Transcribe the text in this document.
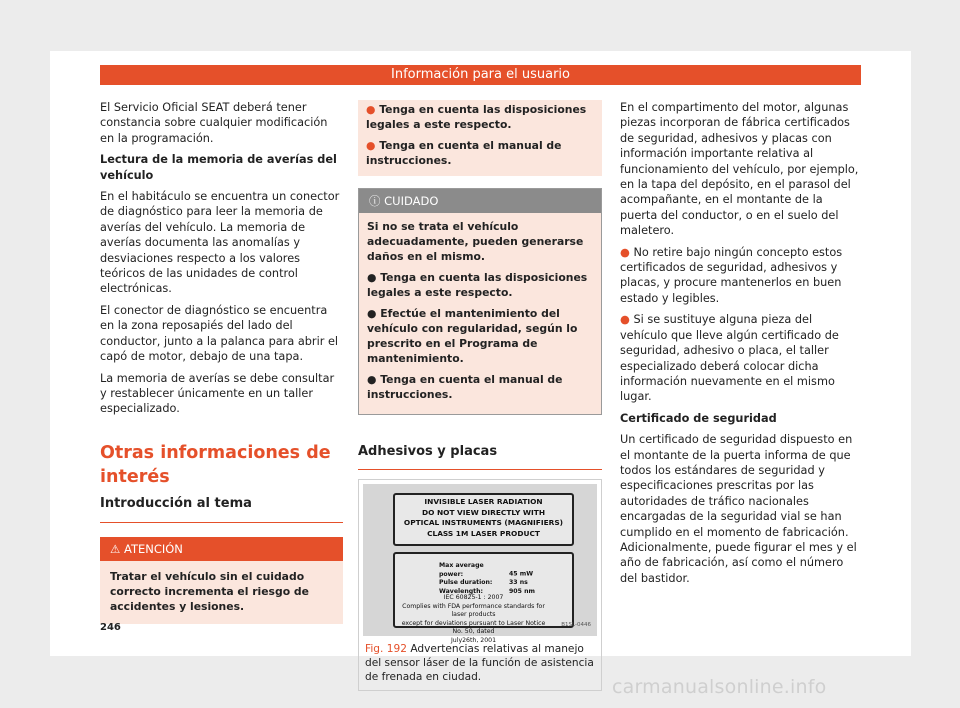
Información para el usuario

El Servicio Oficial SEAT deberá tener constancia sobre cualquier modificación en la programación.

Lectura de la memoria de averías del vehículo

En el habitáculo se encuentra un conector de diagnóstico para leer la memoria de averías del vehículo. La memoria de averías documenta las anomalías y desviaciones respecto a los valores teóricos de las unidades de control electrónicas.

El conector de diagnóstico se encuentra en la zona reposapiés del lado del conductor, junto a la palanca para abrir el capó de motor, debajo de una tapa.

La memoria de averías se debe consultar y restablecer únicamente en un taller especializado.

Otras informaciones de interés
Introducción al tema
⚠ ATENCIÓN
Tratar el vehículo sin el cuidado correcto incrementa el riesgo de accidentes y lesiones.

● Tenga en cuenta las disposiciones legales a este respecto.

● Tenga en cuenta el manual de instrucciones.

ⓘ CUIDADO

Si no se trata el vehículo adecuadamente, pueden generarse daños en el mismo.

● Tenga en cuenta las disposiciones legales a este respecto.

● Efectúe el mantenimiento del vehículo con regularidad, según lo prescrito en el Programa de mantenimiento.

● Tenga en cuenta el manual de instrucciones.

Adhesivos y placas
INVISIBLE LASER RADIATION
DO NOT VIEW DIRECTLY WITH
OPTICAL INSTRUMENTS (MAGNIFIERS)
CLASS 1M LASER PRODUCT
Max average power:	45 mW
Pulse duration:	33 ns
Wavelength:	905 nm
IEC 60825-1 : 2007
Complies with FDA performance standards for laser products
except for deviations pursuant to Laser Notice No. 50, dated
July26th, 2001
B1SL-0446
Fig. 192 Advertencias relativas al manejo del sensor láser de la función de asistencia de frenada en ciudad.

En el compartimento del motor, algunas piezas incorporan de fábrica certificados de seguridad, adhesivos y placas con información importante relativa al funcionamiento del vehículo, por ejemplo, en la tapa del depósito, en el parasol del acompañante, en el montante de la puerta del conductor, o en el suelo del maletero.

● No retire bajo ningún concepto estos certificados de seguridad, adhesivos y placas, y procure mantenerlos en buen estado y legibles.

● Si se sustituye alguna pieza del vehículo que lleve algún certificado de seguridad, adhesivo o placa, el taller especializado deberá colocar dicha información nuevamente en el mismo lugar.

Certificado de seguridad

Un certificado de seguridad dispuesto en el montante de la puerta informa de que todos los estándares de seguridad y especificaciones prescritas por las autoridades de tráfico nacionales encargadas de la seguridad vial se han cumplido en el momento de fabricación. Adicionalmente, puede figurar el mes y el año de fabricación, así como el número del bastidor.

246
carmanualsonline.info
